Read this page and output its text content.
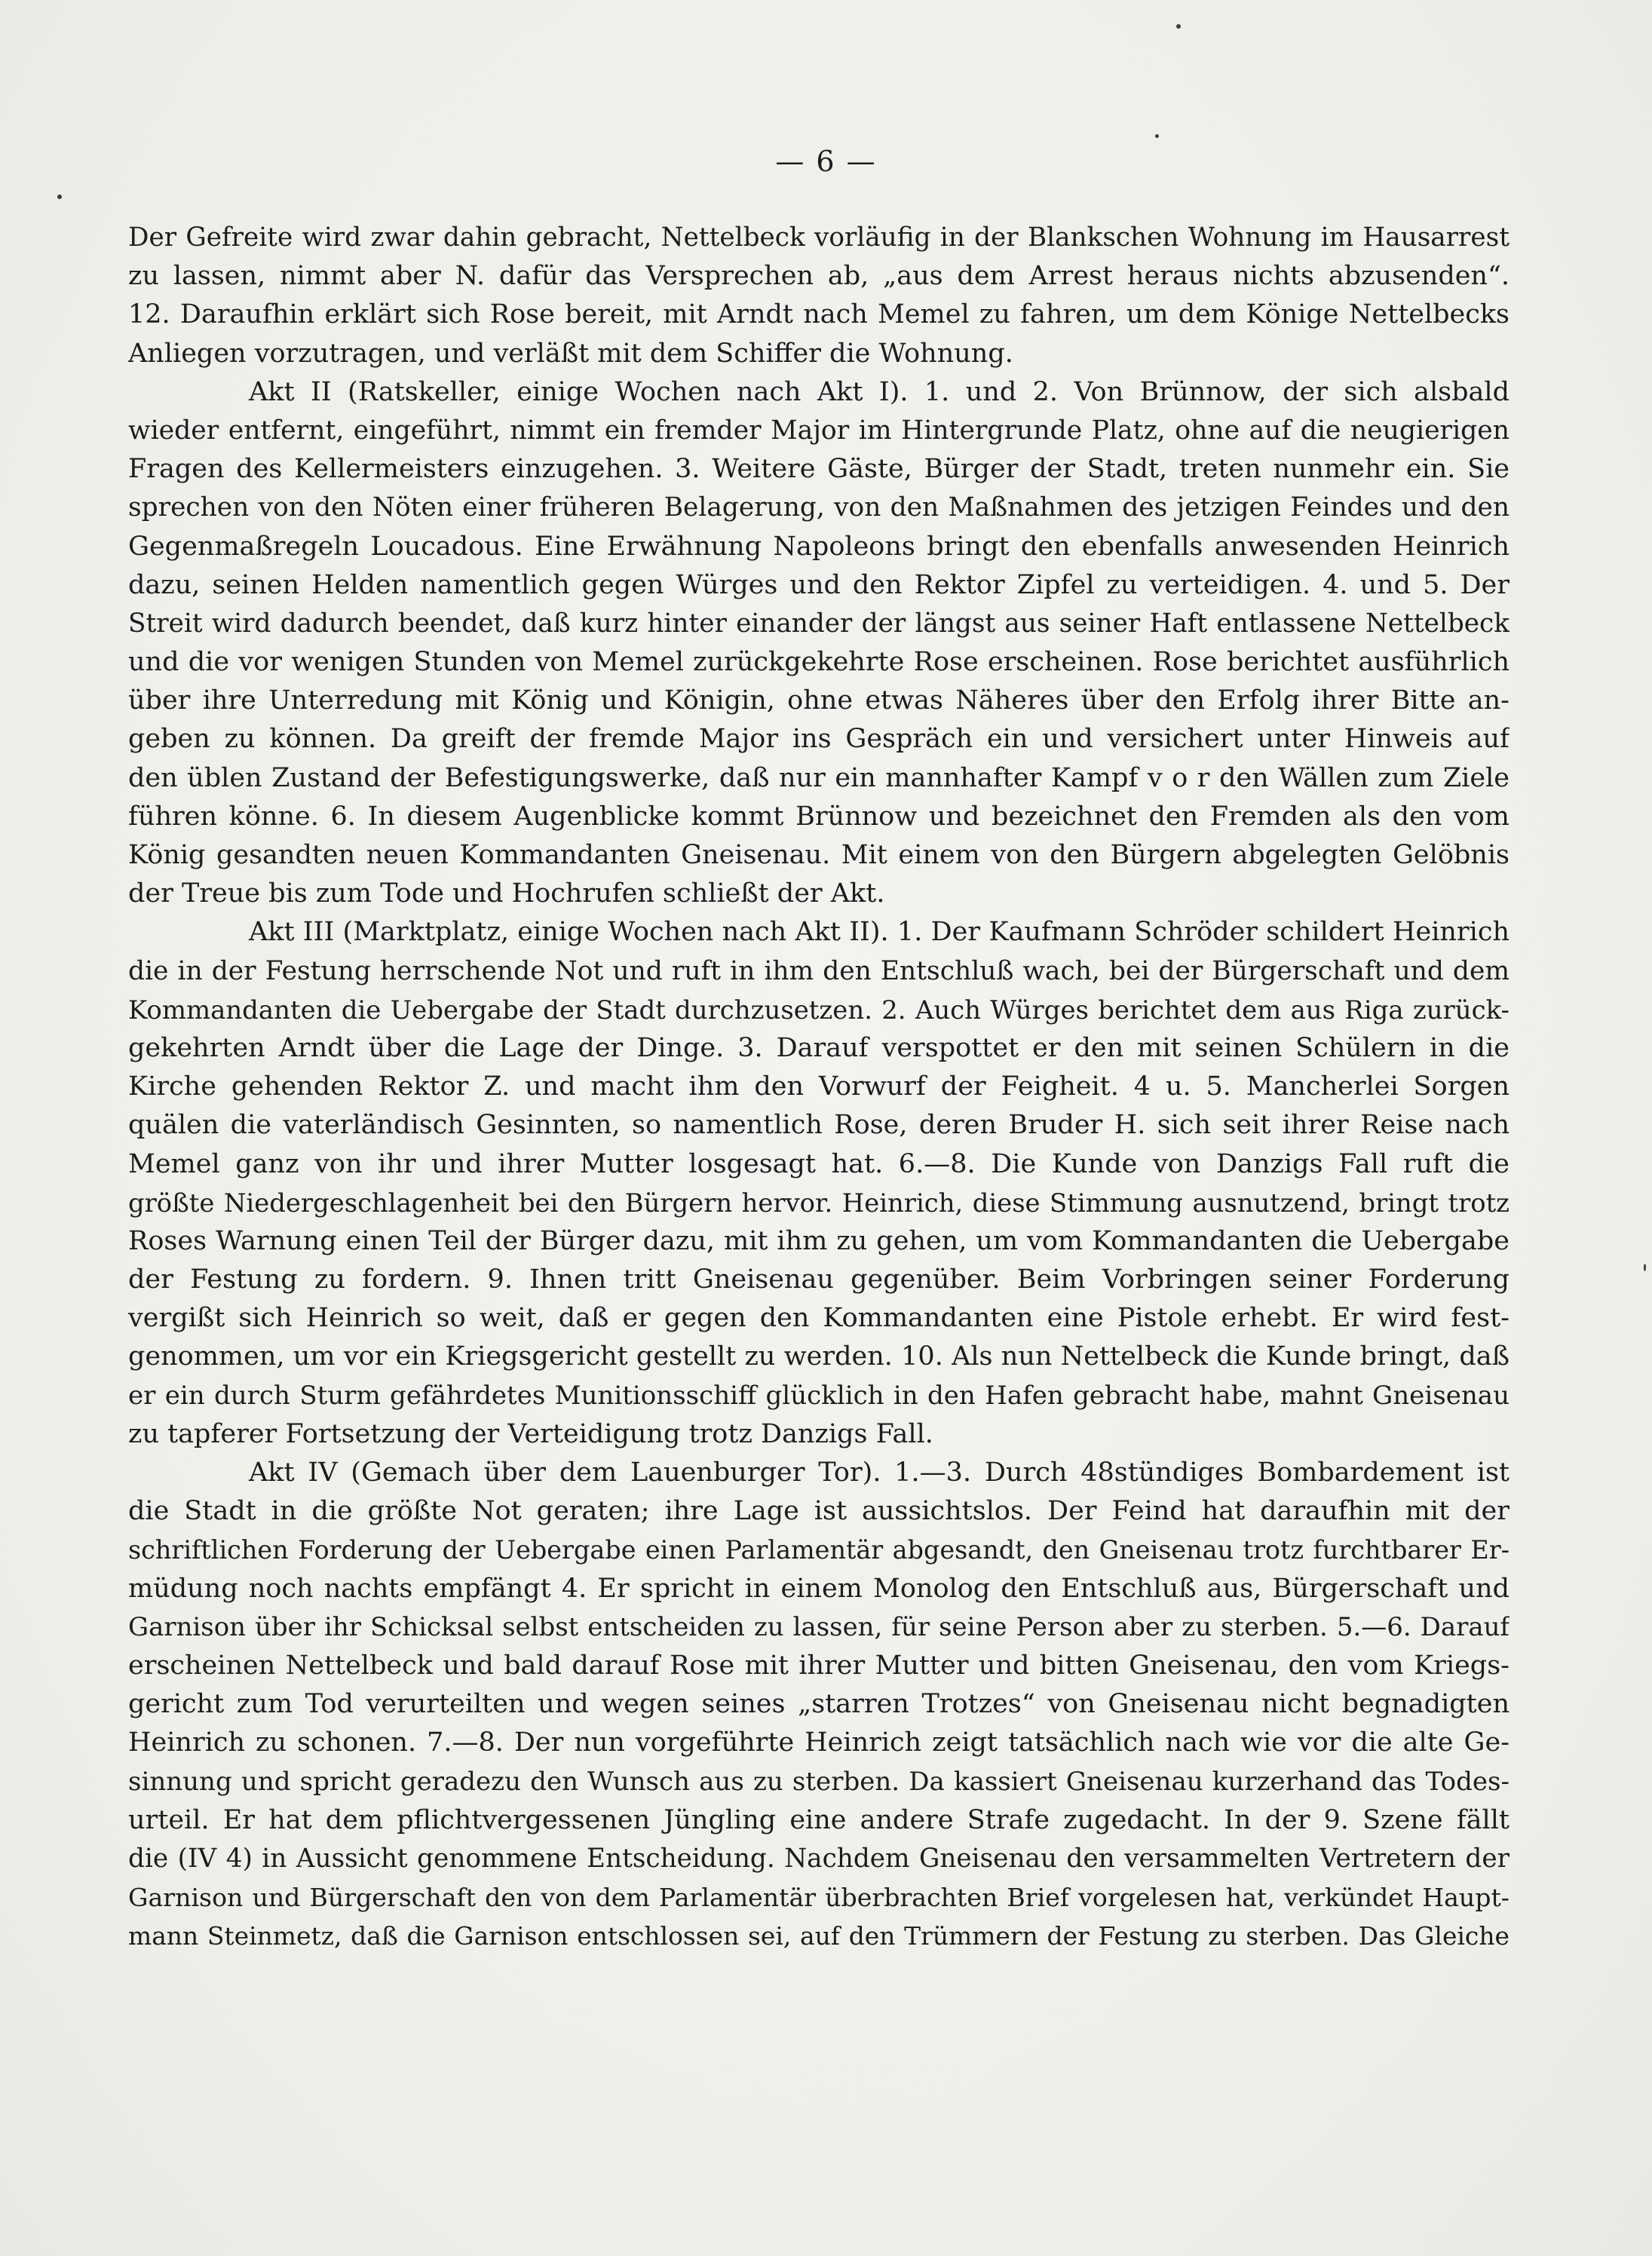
— 6 —
Der Gefreite wird zwar dahin gebracht, Nettelbeck vorläufig in der Blankschen Wohnung im Hausarrest
zu lassen, nimmt aber N. dafür das Versprechen ab, „aus dem Arrest heraus nichts abzusenden“.
12. Daraufhin erklärt sich Rose bereit, mit Arndt nach Memel zu fahren, um dem Könige Nettelbecks
Anliegen vorzutragen, und verläßt mit dem Schiffer die Wohnung.
Akt II (Ratskeller, einige Wochen nach Akt I). 1. und 2. Von Brünnow, der sich alsbald
wieder entfernt, eingeführt, nimmt ein fremder Major im Hintergrunde Platz, ohne auf die neugierigen
Fragen des Kellermeisters einzugehen. 3. Weitere Gäste, Bürger der Stadt, treten nunmehr ein. Sie
sprechen von den Nöten einer früheren Belagerung, von den Maßnahmen des jetzigen Feindes und den
Gegenmaßregeln Loucadous. Eine Erwähnung Napoleons bringt den ebenfalls anwesenden Heinrich
dazu, seinen Helden namentlich gegen Würges und den Rektor Zipfel zu verteidigen. 4. und 5. Der
Streit wird dadurch beendet, daß kurz hinter einander der längst aus seiner Haft entlassene Nettelbeck
und die vor wenigen Stunden von Memel zurückgekehrte Rose erscheinen. Rose berichtet ausführlich
über ihre Unterredung mit König und Königin, ohne etwas Näheres über den Erfolg ihrer Bitte an-
geben zu können. Da greift der fremde Major ins Gespräch ein und versichert unter Hinweis auf
den üblen Zustand der Befestigungswerke, daß nur ein mannhafter Kampf v o r den Wällen zum Ziele
führen könne. 6. In diesem Augenblicke kommt Brünnow und bezeichnet den Fremden als den vom
König gesandten neuen Kommandanten Gneisenau. Mit einem von den Bürgern abgelegten Gelöbnis
der Treue bis zum Tode und Hochrufen schließt der Akt.
Akt III (Marktplatz, einige Wochen nach Akt II). 1. Der Kaufmann Schröder schildert Heinrich
die in der Festung herrschende Not und ruft in ihm den Entschluß wach, bei der Bürgerschaft und dem
Kommandanten die Uebergabe der Stadt durchzusetzen. 2. Auch Würges berichtet dem aus Riga zurück-
gekehrten Arndt über die Lage der Dinge. 3. Darauf verspottet er den mit seinen Schülern in die
Kirche gehenden Rektor Z. und macht ihm den Vorwurf der Feigheit. 4 u. 5. Mancherlei Sorgen
quälen die vaterländisch Gesinnten, so namentlich Rose, deren Bruder H. sich seit ihrer Reise nach
Memel ganz von ihr und ihrer Mutter losgesagt hat. 6.—8. Die Kunde von Danzigs Fall ruft die
größte Niedergeschlagenheit bei den Bürgern hervor. Heinrich, diese Stimmung ausnutzend, bringt trotz
Roses Warnung einen Teil der Bürger dazu, mit ihm zu gehen, um vom Kommandanten die Uebergabe
der Festung zu fordern. 9. Ihnen tritt Gneisenau gegenüber. Beim Vorbringen seiner Forderung
vergißt sich Heinrich so weit, daß er gegen den Kommandanten eine Pistole erhebt. Er wird fest-
genommen, um vor ein Kriegsgericht gestellt zu werden. 10. Als nun Nettelbeck die Kunde bringt, daß
er ein durch Sturm gefährdetes Munitionsschiff glücklich in den Hafen gebracht habe, mahnt Gneisenau
zu tapferer Fortsetzung der Verteidigung trotz Danzigs Fall.
Akt IV (Gemach über dem Lauenburger Tor). 1.—3. Durch 48stündiges Bombardement ist
die Stadt in die größte Not geraten; ihre Lage ist aussichtslos. Der Feind hat daraufhin mit der
schriftlichen Forderung der Uebergabe einen Parlamentär abgesandt, den Gneisenau trotz furchtbarer Er-
müdung noch nachts empfängt 4. Er spricht in einem Monolog den Entschluß aus, Bürgerschaft und
Garnison über ihr Schicksal selbst entscheiden zu lassen, für seine Person aber zu sterben. 5.—6. Darauf
erscheinen Nettelbeck und bald darauf Rose mit ihrer Mutter und bitten Gneisenau, den vom Kriegs-
gericht zum Tod verurteilten und wegen seines „starren Trotzes“ von Gneisenau nicht begnadigten
Heinrich zu schonen. 7.—8. Der nun vorgeführte Heinrich zeigt tatsächlich nach wie vor die alte Ge-
sinnung und spricht geradezu den Wunsch aus zu sterben. Da kassiert Gneisenau kurzerhand das Todes-
urteil. Er hat dem pflichtvergessenen Jüngling eine andere Strafe zugedacht. In der 9. Szene fällt
die (IV 4) in Aussicht genommene Entscheidung. Nachdem Gneisenau den versammelten Vertretern der
Garnison und Bürgerschaft den von dem Parlamentär überbrachten Brief vorgelesen hat, verkündet Haupt-
mann Steinmetz, daß die Garnison entschlossen sei, auf den Trümmern der Festung zu sterben. Das Gleiche
